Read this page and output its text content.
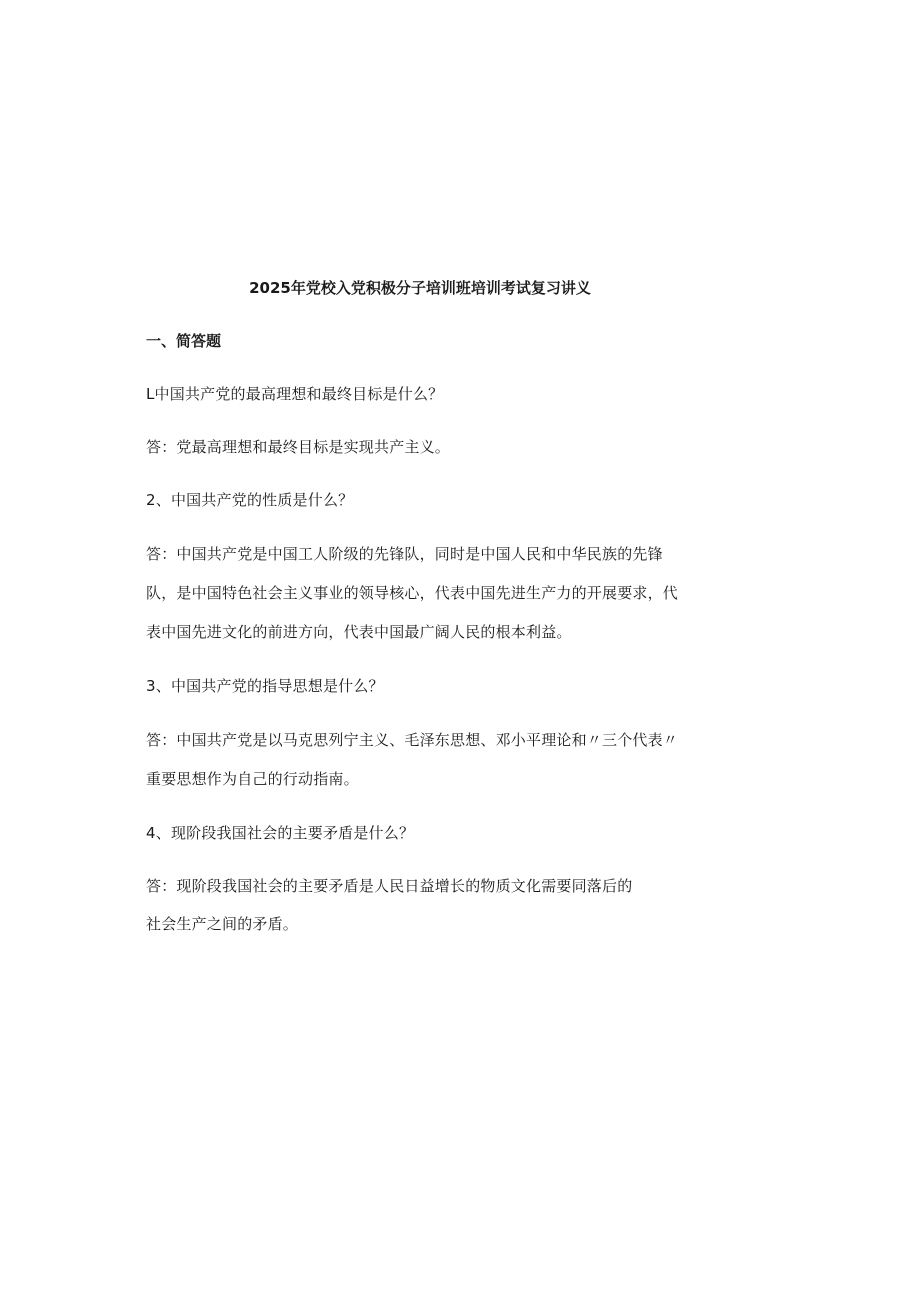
2025年党校入党积极分子培训班培训考试复习讲义
一、简答题

L中国共产党的最高理想和最终目标是什么？

答：党最高理想和最终目标是实现共产主义。

2、中国共产党的性质是什么？

答：中国共产党是中国工人阶级的先锋队，同时是中国人民和中华民族的先锋

队，是中国特色社会主义事业的领导核心，代表中国先进生产力的开展要求，代

表中国先进文化的前进方向，代表中国最广阔人民的根本利益。

3、中国共产党的指导思想是什么？

答：中国共产党是以马克思列宁主义、毛泽东思想、邓小平理论和〃三个代表〃

重要思想作为自己的行动指南。

4、现阶段我国社会的主要矛盾是什么？

答：现阶段我国社会的主要矛盾是人民日益增长的物质文化需要同落后的

社会生产之间的矛盾。
